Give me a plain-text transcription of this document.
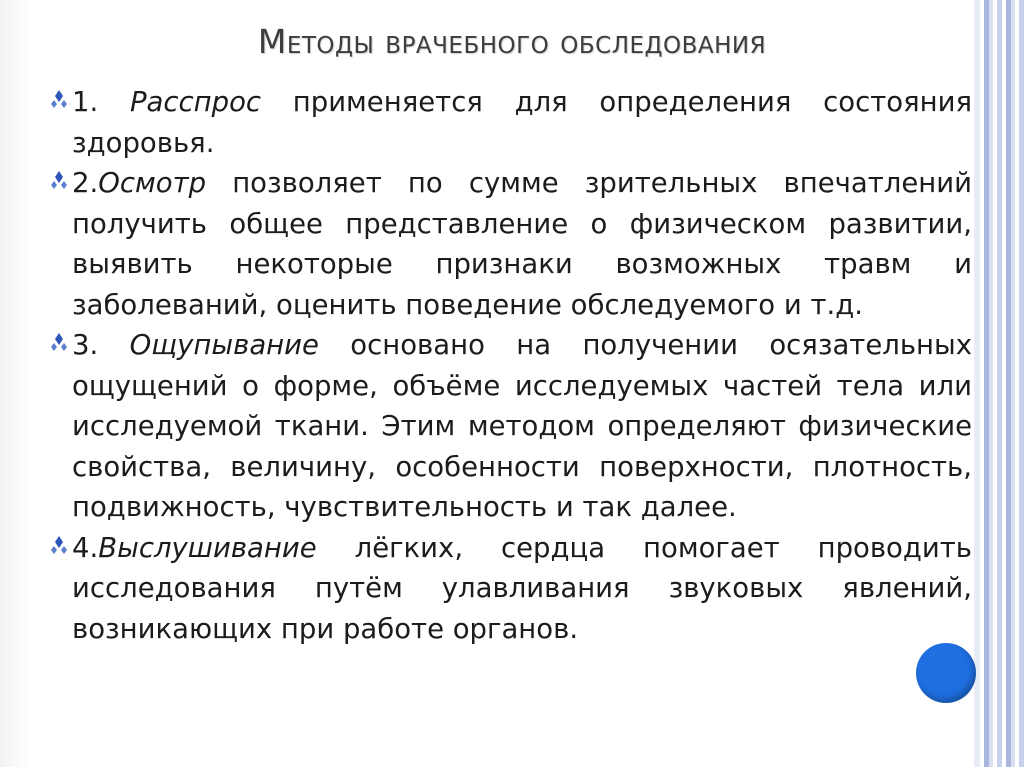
Методы врачебного обследования
1. Расспрос применяется для определения состояния здоровья.
2.Осмотр позволяет по сумме зрительных впечатлений получить общее представление о физическом развитии, выявить некоторые признаки возможных травм и заболеваний, оценить поведение обследуемого и т.д.
3. Ощупывание основано на получении осязательных ощущений о форме, объёме исследуемых частей тела или исследуемой ткани. Этим методом определяют физические свойства, величину, особенности поверхности, плотность, подвижность, чувствительность и так далее.
4.Выслушивание лёгких, сердца помогает проводить исследования путём улавливания звуковых явлений, возникающих при работе органов.
